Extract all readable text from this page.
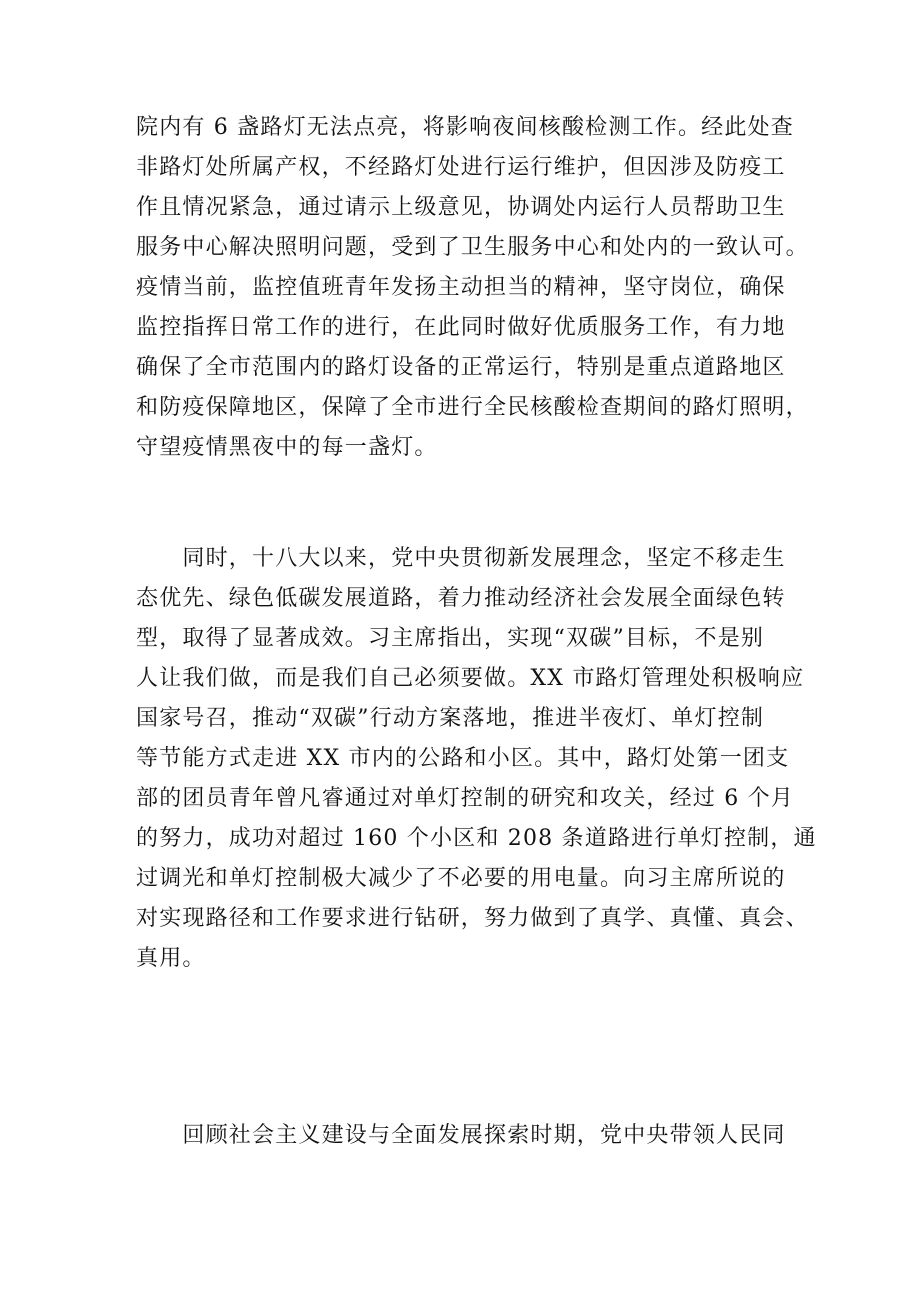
院内有 6 盏路灯无法点亮，将影响夜间核酸检测工作。经此处查
非路灯处所属产权，不经路灯处进行运行维护，但因涉及防疫工
作且情况紧急，通过请示上级意见，协调处内运行人员帮助卫生
服务中心解决照明问题，受到了卫生服务中心和处内的一致认可。
疫情当前，监控值班青年发扬主动担当的精神，坚守岗位，确保
监控指挥日常工作的进行，在此同时做好优质服务工作，有力地
确保了全市范围内的路灯设备的正常运行，特别是重点道路地区
和防疫保障地区，保障了全市进行全民核酸检查期间的路灯照明，
守望疫情黑夜中的每一盏灯。
　　同时，十八大以来，党中央贯彻新发展理念，坚定不移走生
态优先、绿色低碳发展道路，着力推动经济社会发展全面绿色转
型，取得了显著成效。习主席指出，实现“双碳”目标，不是别
人让我们做，而是我们自己必须要做。XX 市路灯管理处积极响应
国家号召，推动“双碳”行动方案落地，推进半夜灯、单灯控制
等节能方式走进 XX 市内的公路和小区。其中，路灯处第一团支
部的团员青年曾凡睿通过对单灯控制的研究和攻关，经过 6 个月
的努力，成功对超过 160 个小区和 208 条道路进行单灯控制，通
过调光和单灯控制极大减少了不必要的用电量。向习主席所说的
对实现路径和工作要求进行钻研，努力做到了真学、真懂、真会、
真用。
　　回顾社会主义建设与全面发展探索时期，党中央带领人民同
